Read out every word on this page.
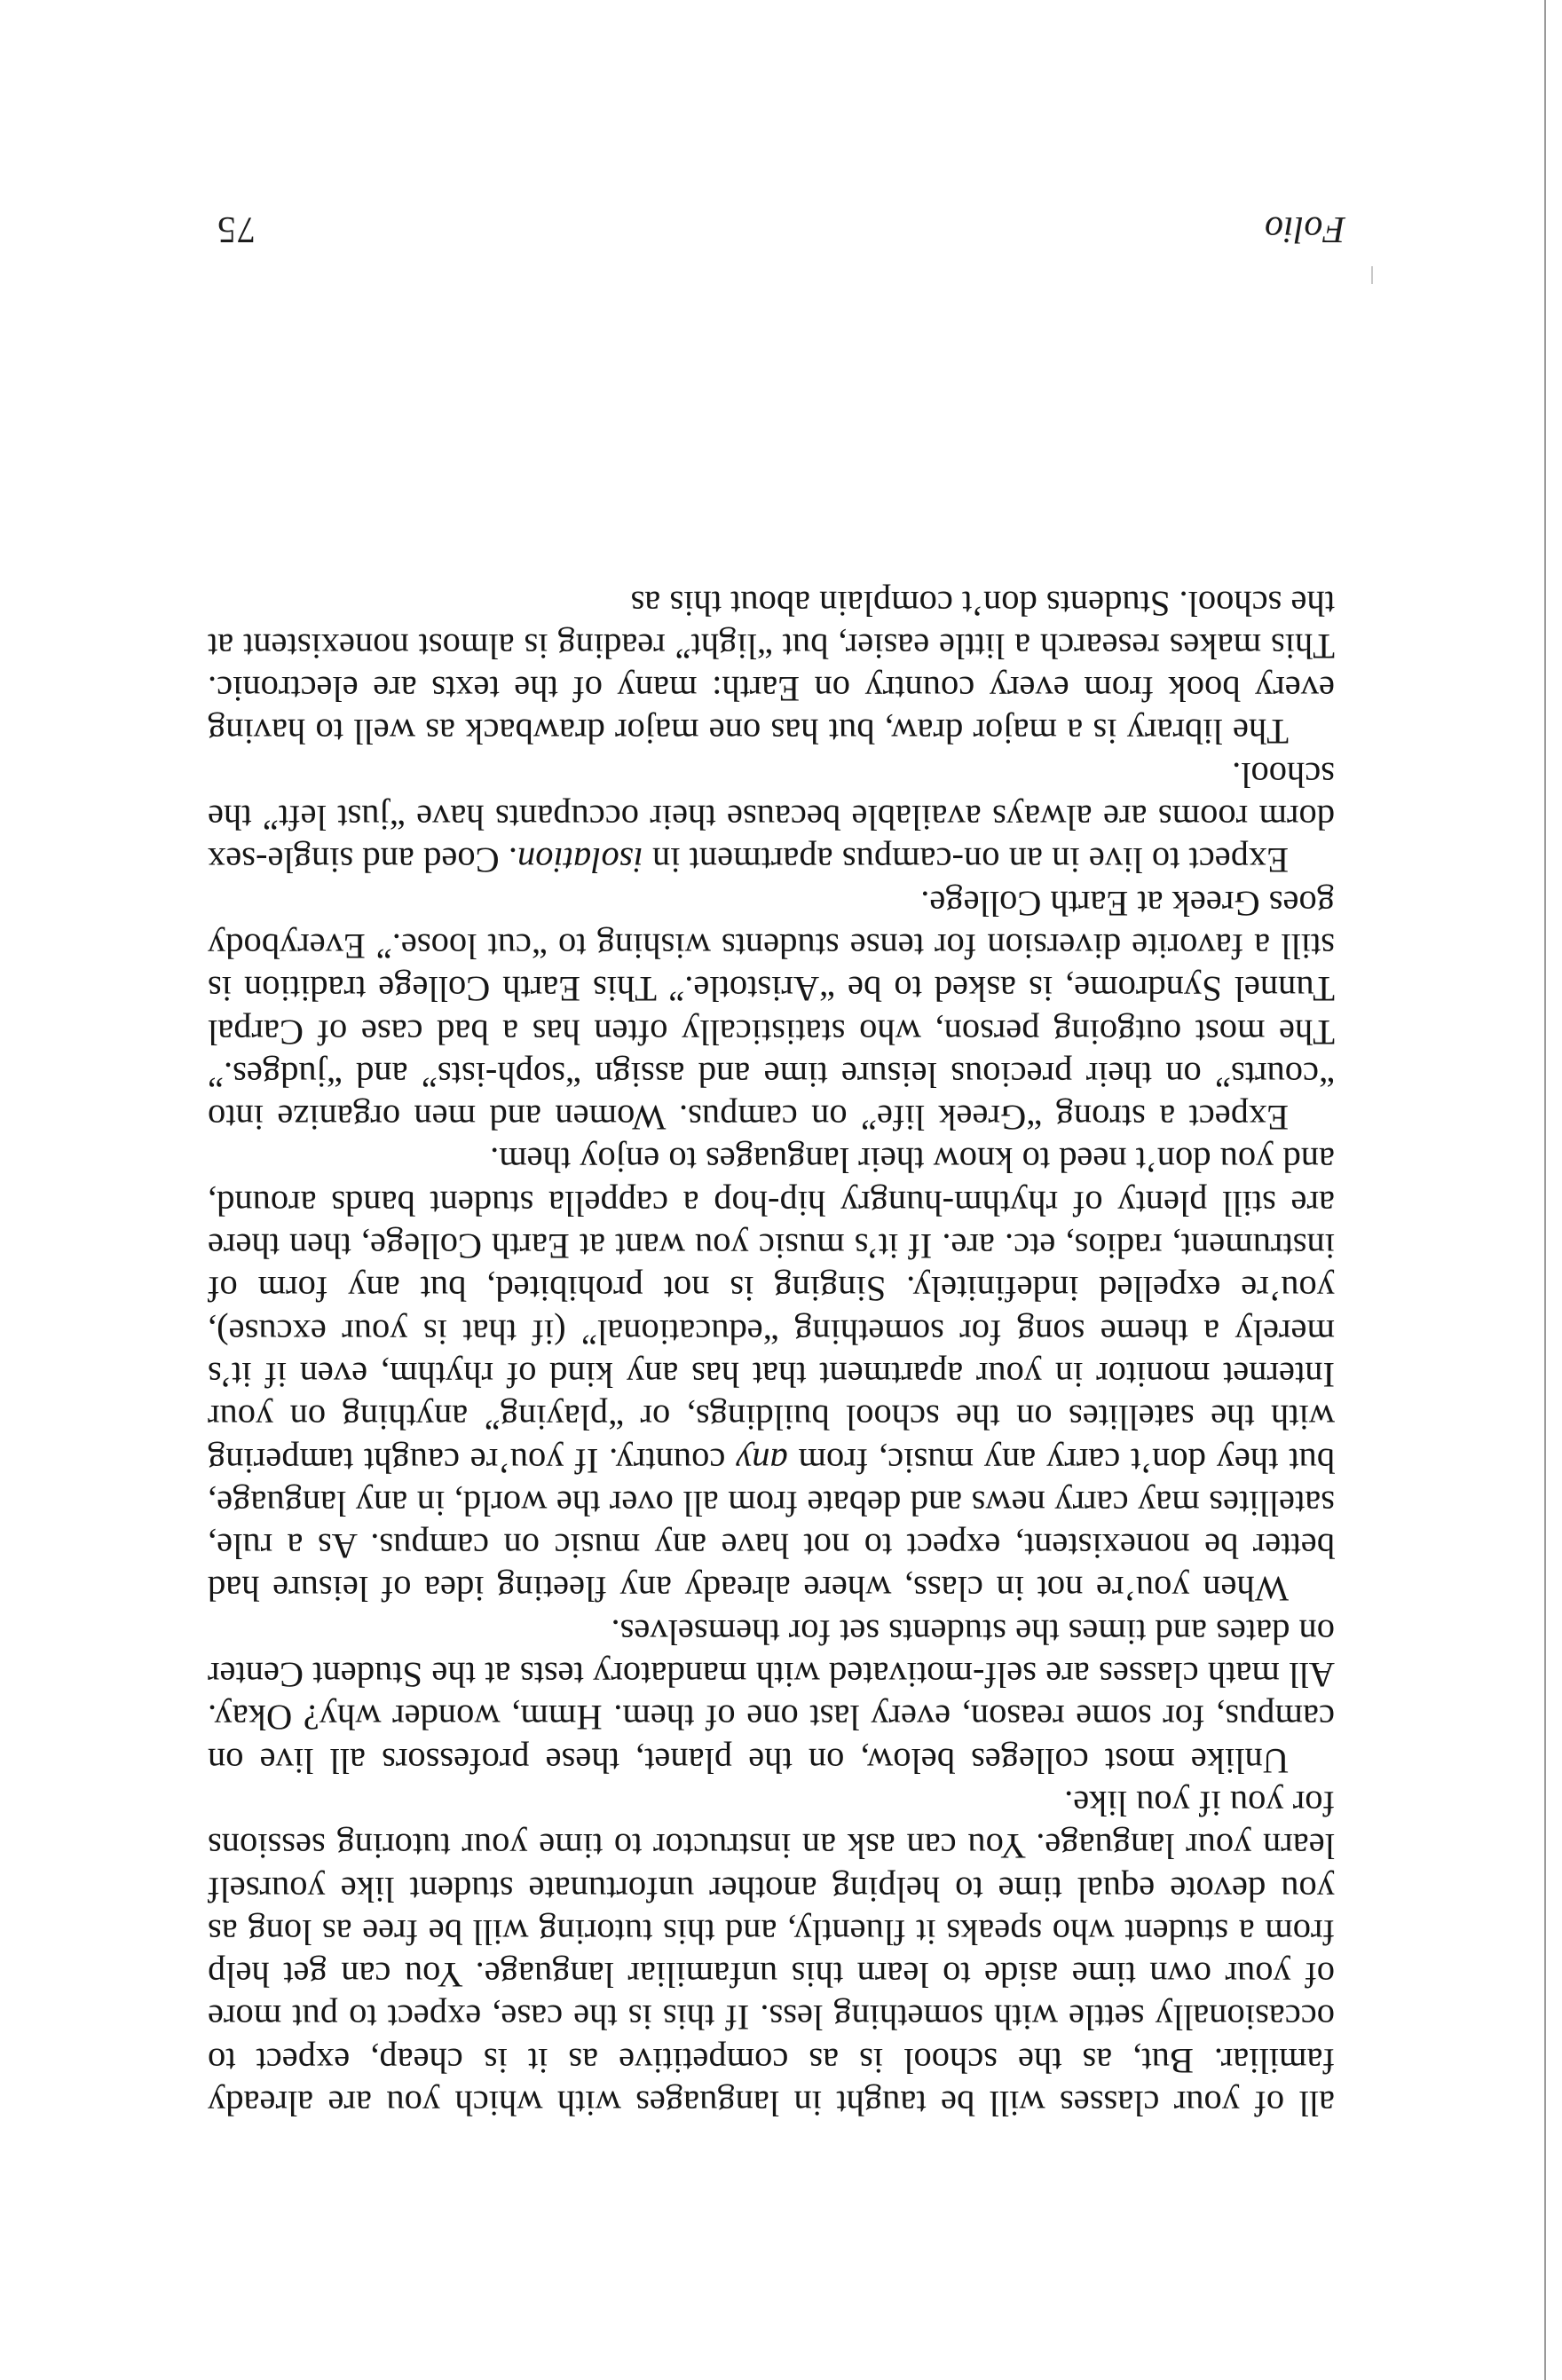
Folio
75

all of your classes will be taught in languages with which you are already familiar. But, as the school is as competitive as it is cheap, expect to occasionally settle with something less. If this is the case, expect to put more of your own time aside to learn this unfamiliar language. You can get help from a student who speaks it fluently, and this tutoring will be free as long as you devote equal time to helping another unfortunate student like yourself learn your language. You can ask an instructor to time your tutoring sessions for you if you like.

Unlike most colleges below, on the planet, these professors all live on campus, for some reason, every last one of them. Hmm, wonder why? Okay. All math classes are self-motivated with mandatory tests at the Student Center on dates and times the students set for themselves.

When you’re not in class, where already any fleeting idea of leisure had better be nonexistent, expect to not have any music on campus. As a rule, satellites may carry news and debate from all over the world, in any language, but they don’t carry any music, from any country. If you’re caught tampering with the satellites on the school buildings, or “playing” anything on your Internet monitor in your apartment that has any kind of rhythm, even if it’s merely a theme song for something “educational” (if that is your excuse), you’re expelled indefinitely. Singing is not prohibited, but any form of instrument, radios, etc. are. If it’s music you want at Earth College, then there are still plenty of rhythm-hungry hip-hop a cappella student bands around, and you don’t need to know their languages to enjoy them.

Expect a strong “Greek life” on campus. Women and men organize into “courts” on their precious leisure time and assign “soph-ists” and “judges.” The most outgoing person, who statistically often has a bad case of Carpal Tunnel Syndrome, is asked to be “Aristotle.” This Earth College tradition is still a favorite diversion for tense students wishing to “cut loose.” Everybody goes Greek at Earth College.

Expect to live in an on-campus apartment in isolation. Coed and single-sex dorm rooms are always available because their occupants have “just left” the school.

The library is a major draw, but has one major drawback as well to having every book from every country on Earth: many of the texts are electronic. This makes research a little easier, but “light” reading is almost nonexistent at the school. Students don’t complain about this as
